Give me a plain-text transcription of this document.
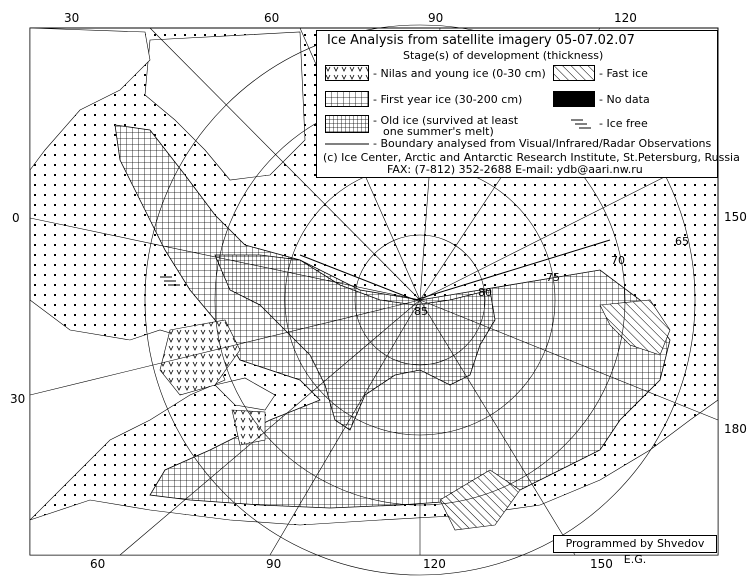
85
80
75
70
65
30	60	90	120
60	90	120	150
0
30
150
180
Ice Analysis from satellite imagery 05-07.02.07
Stage(s) of development (thickness)
- Nilas and young ice (0-30 cm)	- Fast ice
- First year ice (30-200 cm)	- No data
- Old ice (survived at least
one summer's melt)
- Ice free
- Boundary analysed from Visual/Infrared/Radar Observations
(c) Ice Center, Arctic and Antarctic Research Institute, St.Petersburg, Russia
FAX: (7-812) 352-2688 E-mail: ydb@aari.nw.ru
Programmed by Shvedov E.G.
